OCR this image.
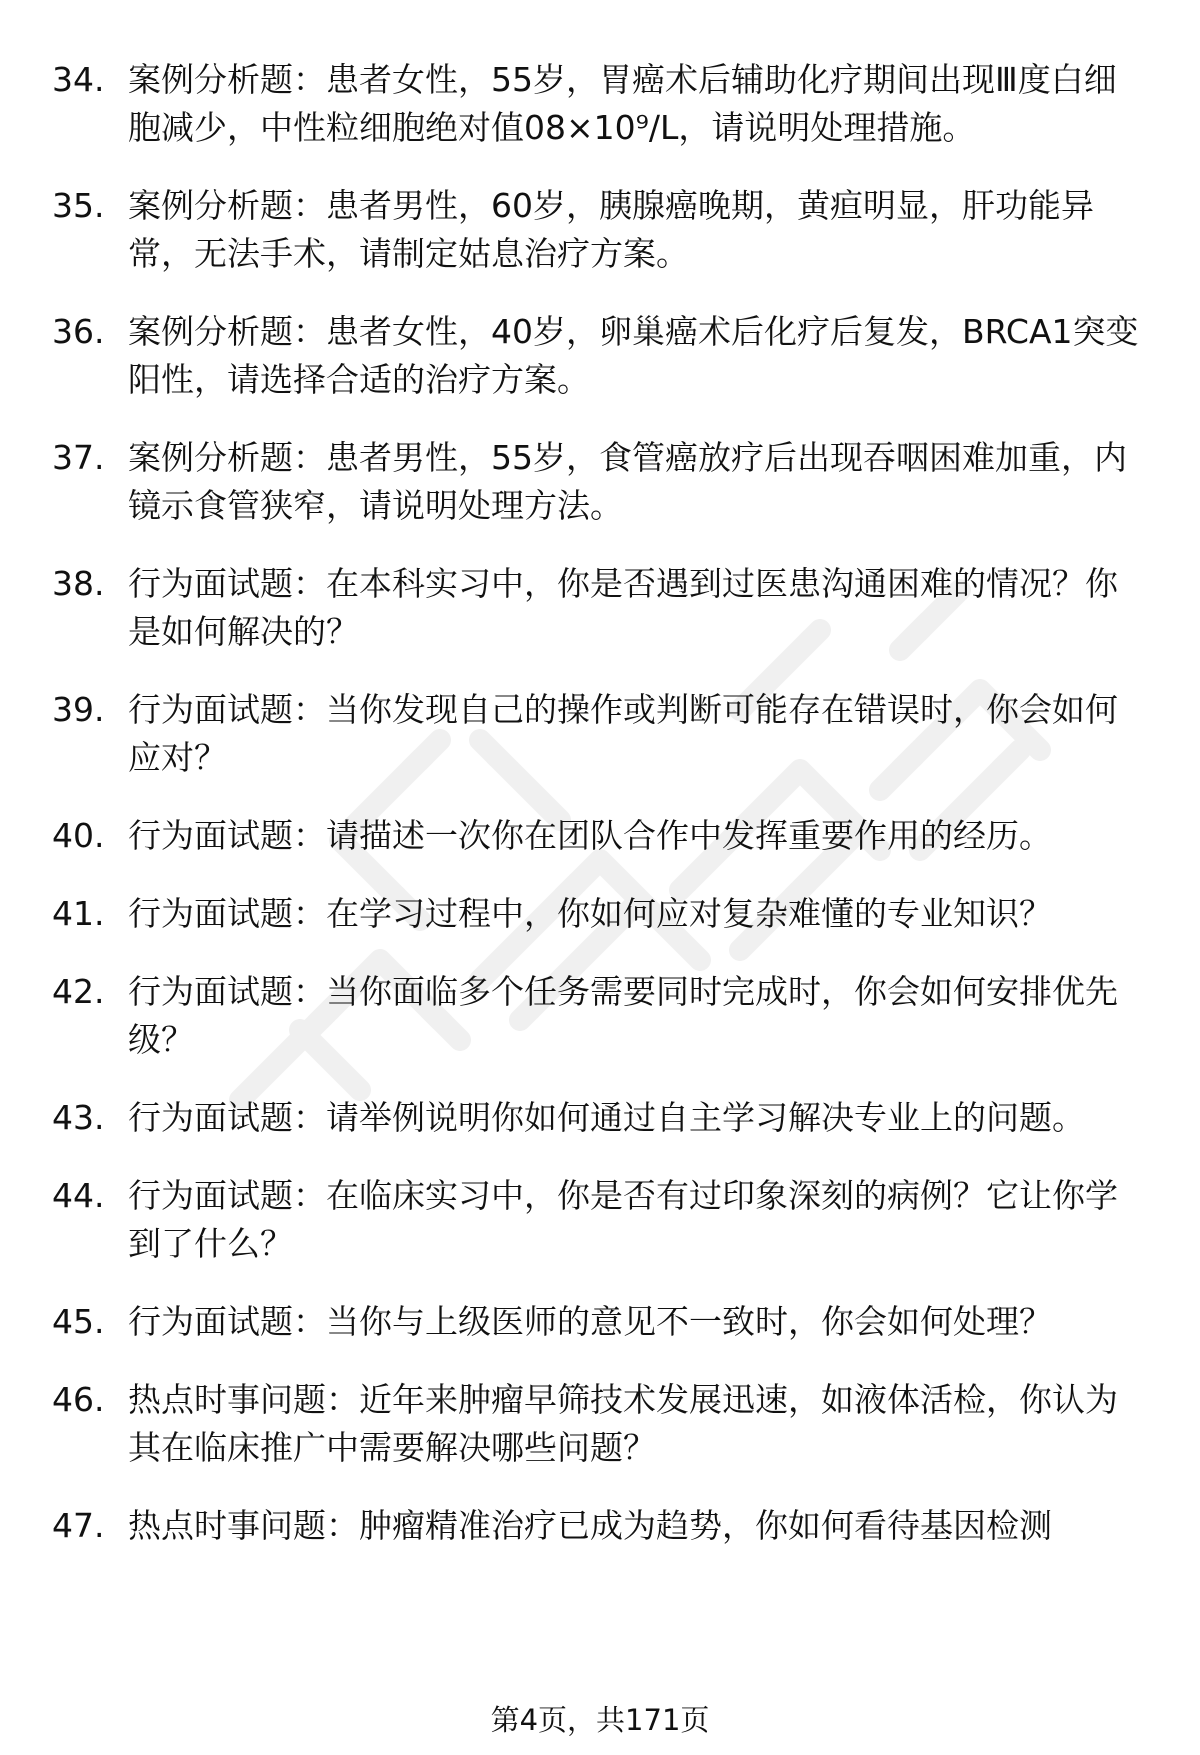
34. 案例分析题：患者女性，55岁，胃癌术后辅助化疗期间出现Ⅲ度白细胞减少，中性粒细胞绝对值08×10⁹/L，请说明处理措施。
35. 案例分析题：患者男性，60岁，胰腺癌晚期，黄疸明显，肝功能异常，无法手术，请制定姑息治疗方案。
36. 案例分析题：患者女性，40岁，卵巢癌术后化疗后复发，BRCA1突变阳性，请选择合适的治疗方案。
37. 案例分析题：患者男性，55岁，食管癌放疗后出现吞咽困难加重，内镜示食管狭窄，请说明处理方法。
38. 行为面试题：在本科实习中，你是否遇到过医患沟通困难的情况？你是如何解决的？
39. 行为面试题：当你发现自己的操作或判断可能存在错误时，你会如何应对？
40. 行为面试题：请描述一次你在团队合作中发挥重要作用的经历。
41. 行为面试题：在学习过程中，你如何应对复杂难懂的专业知识？
42. 行为面试题：当你面临多个任务需要同时完成时，你会如何安排优先级？
43. 行为面试题：请举例说明你如何通过自主学习解决专业上的问题。
44. 行为面试题：在临床实习中，你是否有过印象深刻的病例？它让你学到了什么？
45. 行为面试题：当你与上级医师的意见不一致时，你会如何处理？
46. 热点时事问题：近年来肿瘤早筛技术发展迅速，如液体活检，你认为其在临床推广中需要解决哪些问题？
47. 热点时事问题：肿瘤精准治疗已成为趋势，你如何看待基因检测
第4页，共171页
